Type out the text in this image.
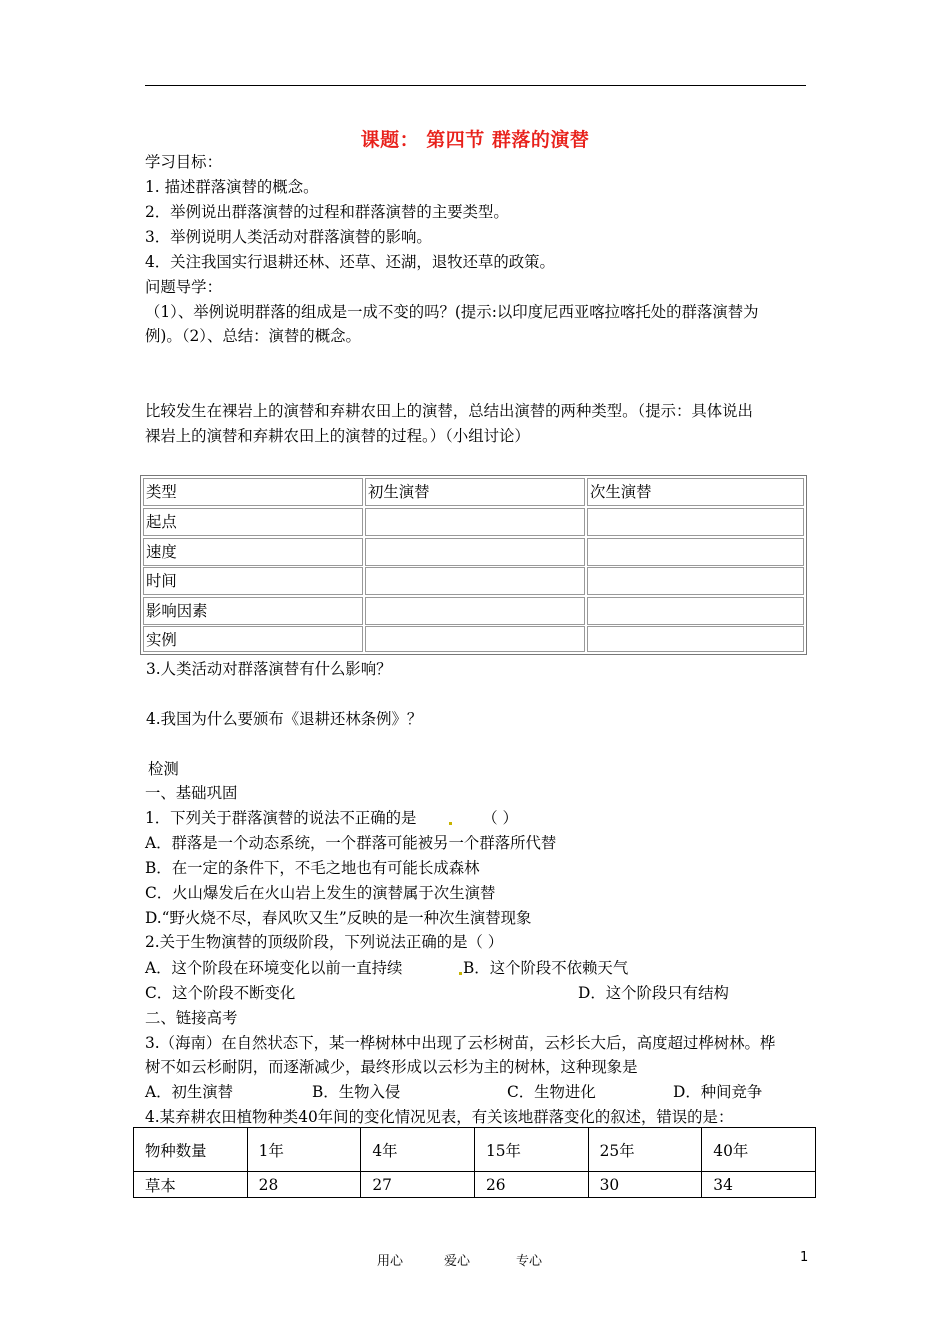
课题： 第四节 群落的演替
学习目标：
1. 描述群落演替的概念。
2．举例说出群落演替的过程和群落演替的主要类型。
3．举例说明人类活动对群落演替的影响。
4．关注我国实行退耕还林、还草、还湖，退牧还草的政策。
问题导学：
（1）、举例说明群落的组成是一成不变的吗？(提示:以印度尼西亚喀拉喀托处的群落演替为
例)。（2）、总结：演替的概念。
比较发生在裸岩上的演替和弃耕农田上的演替，总结出演替的两种类型。（提示：具体说出
裸岩上的演替和弃耕农田上的演替的过程。）（小组讨论）
类型	初生演替	次生演替
起点
速度
时间
影响因素
实例
3.人类活动对群落演替有什么影响？
4.我国为什么要颁布《退耕还林条例》？
检测
一、基础巩固
1．下列关于群落演替的说法不正确的是	（ ）
A．群落是一个动态系统，一个群落可能被另一个群落所代替
B．在一定的条件下，不毛之地也有可能长成森林
C．火山爆发后在火山岩上发生的演替属于次生演替
D.“野火烧不尽，春风吹又生”反映的是一种次生演替现象
2.关于生物演替的顶级阶段，下列说法正确的是（ ）
A．这个阶段在环境变化以前一直持续	B．这个阶段不依赖天气
C．这个阶段不断变化	D．这个阶段只有结构
二、链接高考
3.（海南）在自然状态下，某一桦树林中出现了云杉树苗，云杉长大后，高度超过桦树林。桦
树不如云杉耐阴，而逐渐减少，最终形成以云杉为主的树林，这种现象是
A．初生演替	B．生物入侵	C．生物进化	D．种间竞争
4.某弃耕农田植物种类40年间的变化情况见表，有关该地群落变化的叙述，错误的是：
物种数量	1年	4年	15年	25年	40年
草本	28	27	26	30	34
用心	爱心	专心	1
